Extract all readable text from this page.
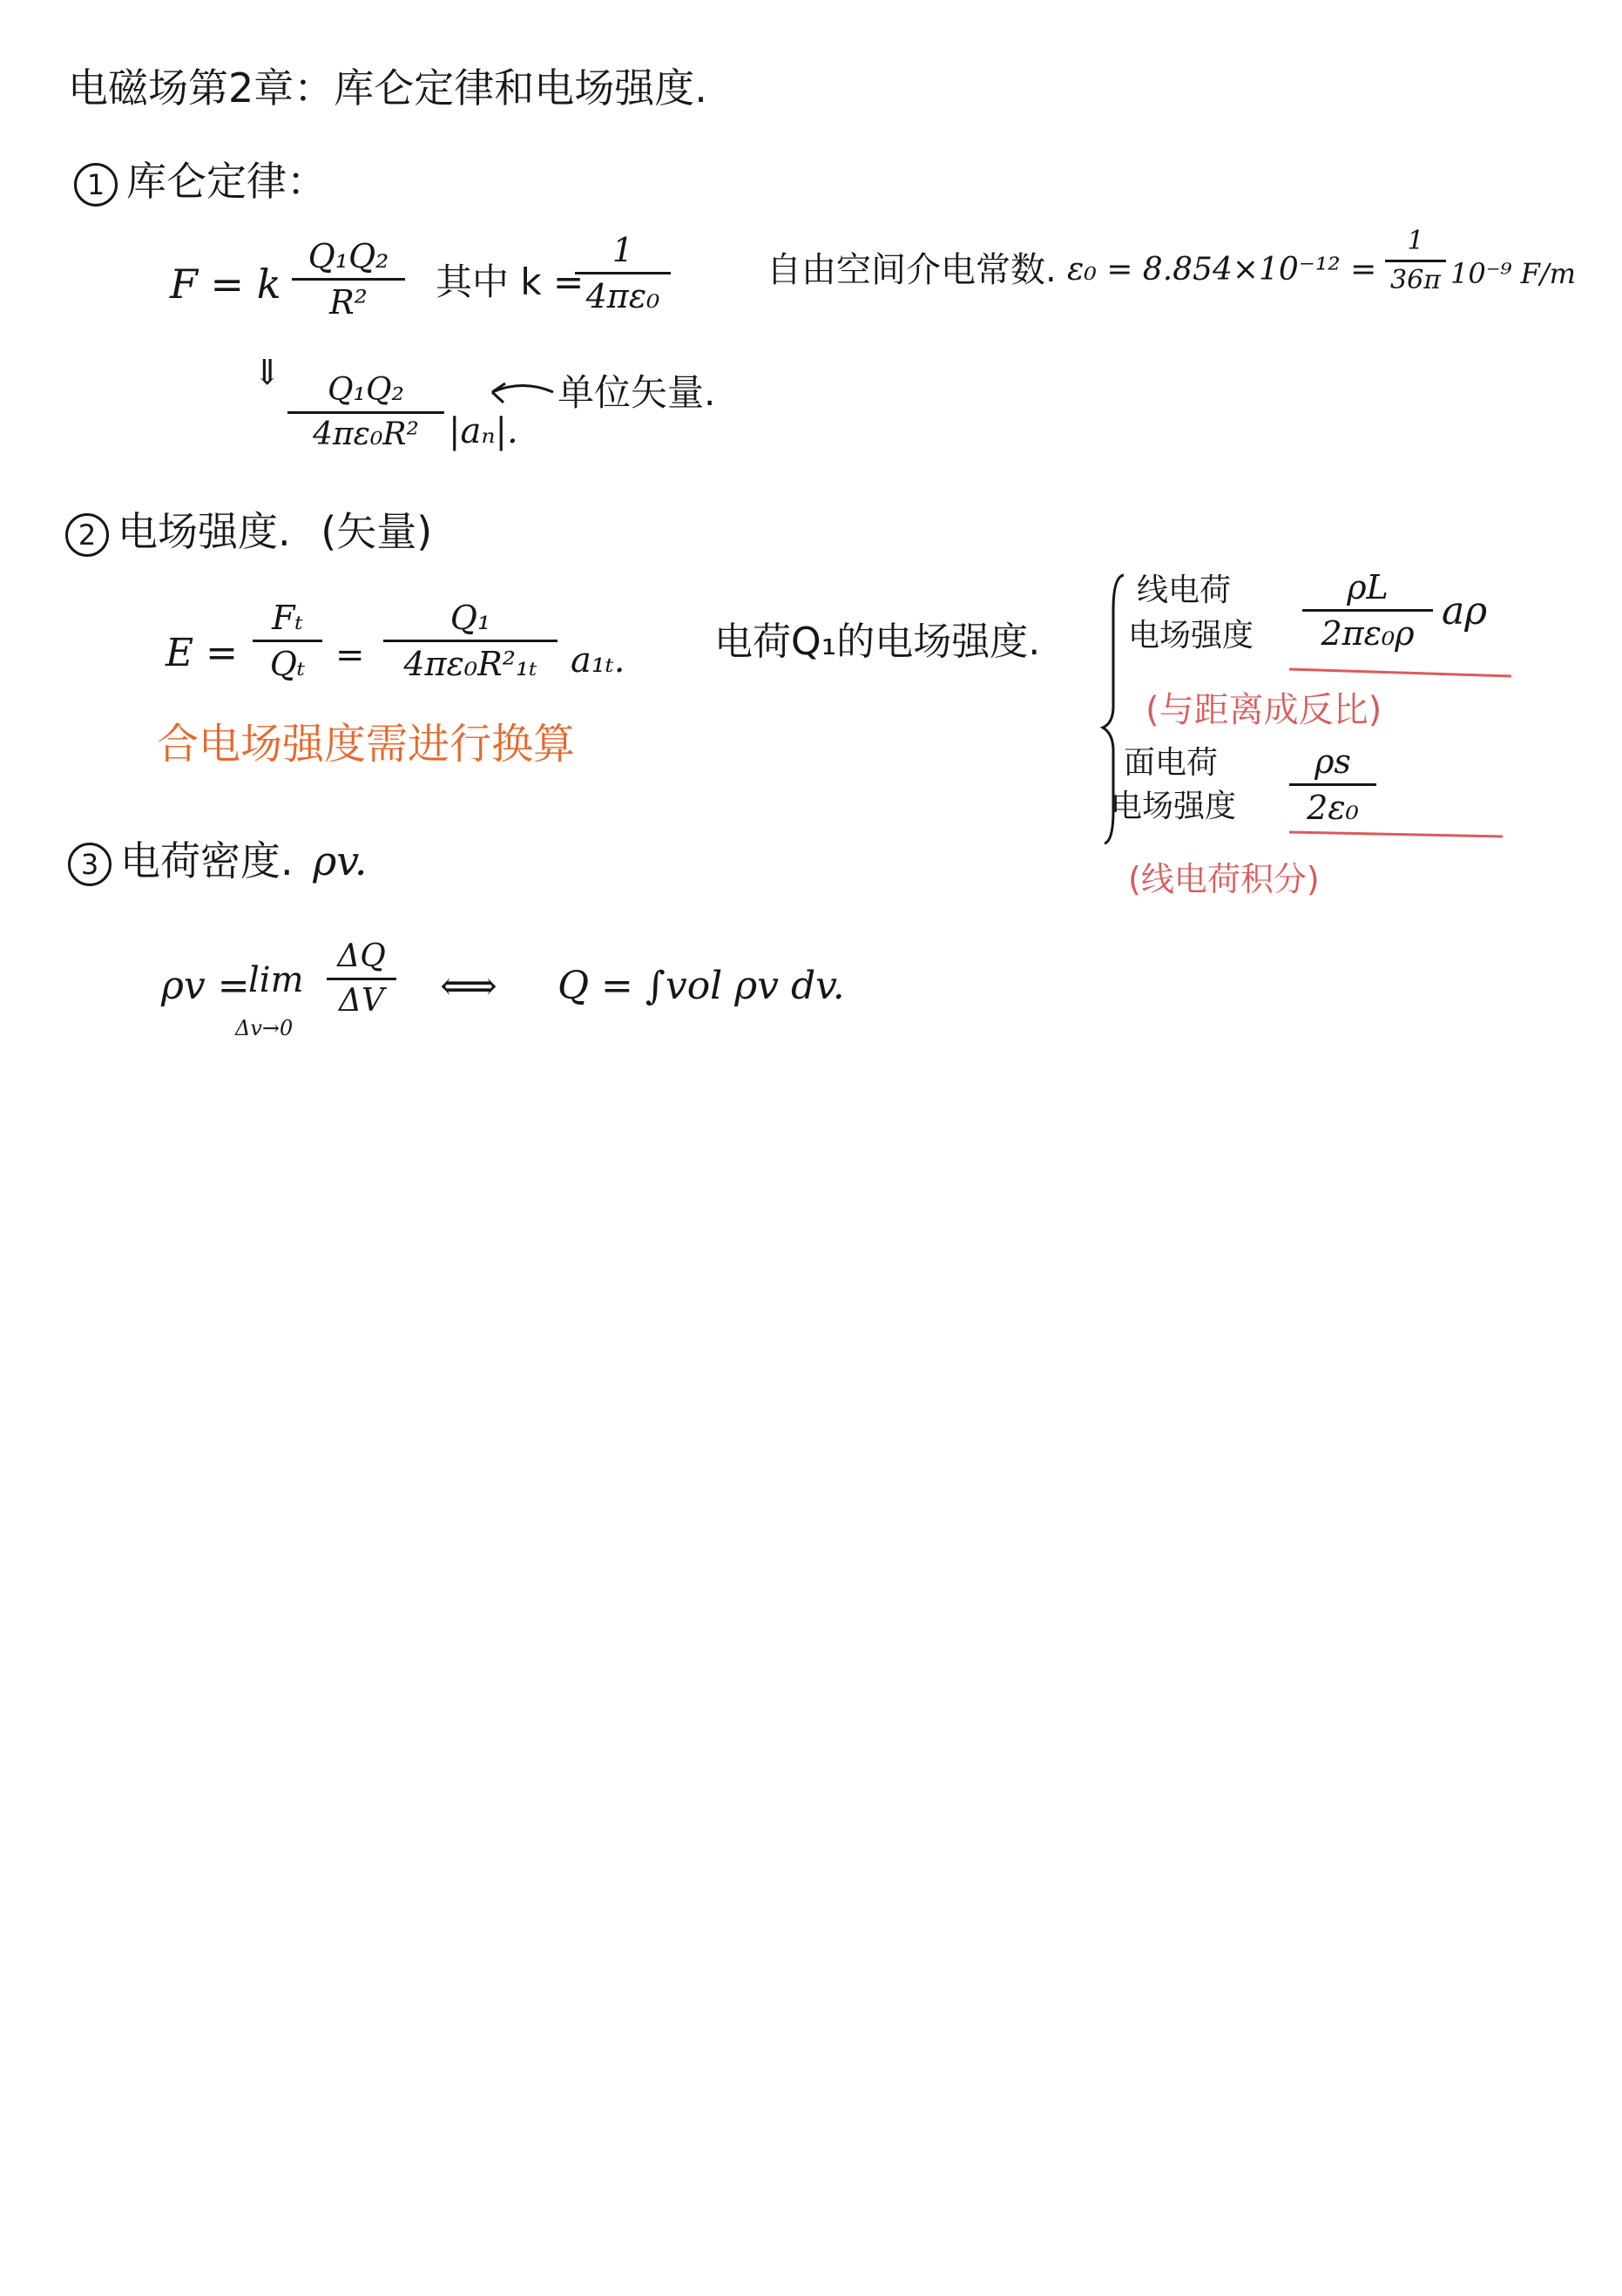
电磁场第2章：库仑定律和电场强度.
1 库仑定律：
F = k
Q₁Q₂
R²	其中 k =
1
4πε₀
自由空间介电常数. ε₀ = 8.854×10⁻¹² =
1
36π 10⁻⁹ F/m
⇓	Q₁Q₂
4πε₀R² |aₙ|.
单位矢量.
2 电场强度. (矢量)
E =
Fₜ
Qₜ =
Q₁
4πε₀R²₁ₜ a₁ₜ.
合电场强度需进行换算
电荷Q₁的电场强度.
线电荷
电场强度
ρL
2πε₀ρ aρ
(与距离成反比)
面电荷
电场强度
ρs
2ε₀
(线电荷积分)
3 电荷密度. ρv.
ρv =
lim
Δv→0
ΔQ
ΔV	⟺ Q = ∫vol ρv dv.
